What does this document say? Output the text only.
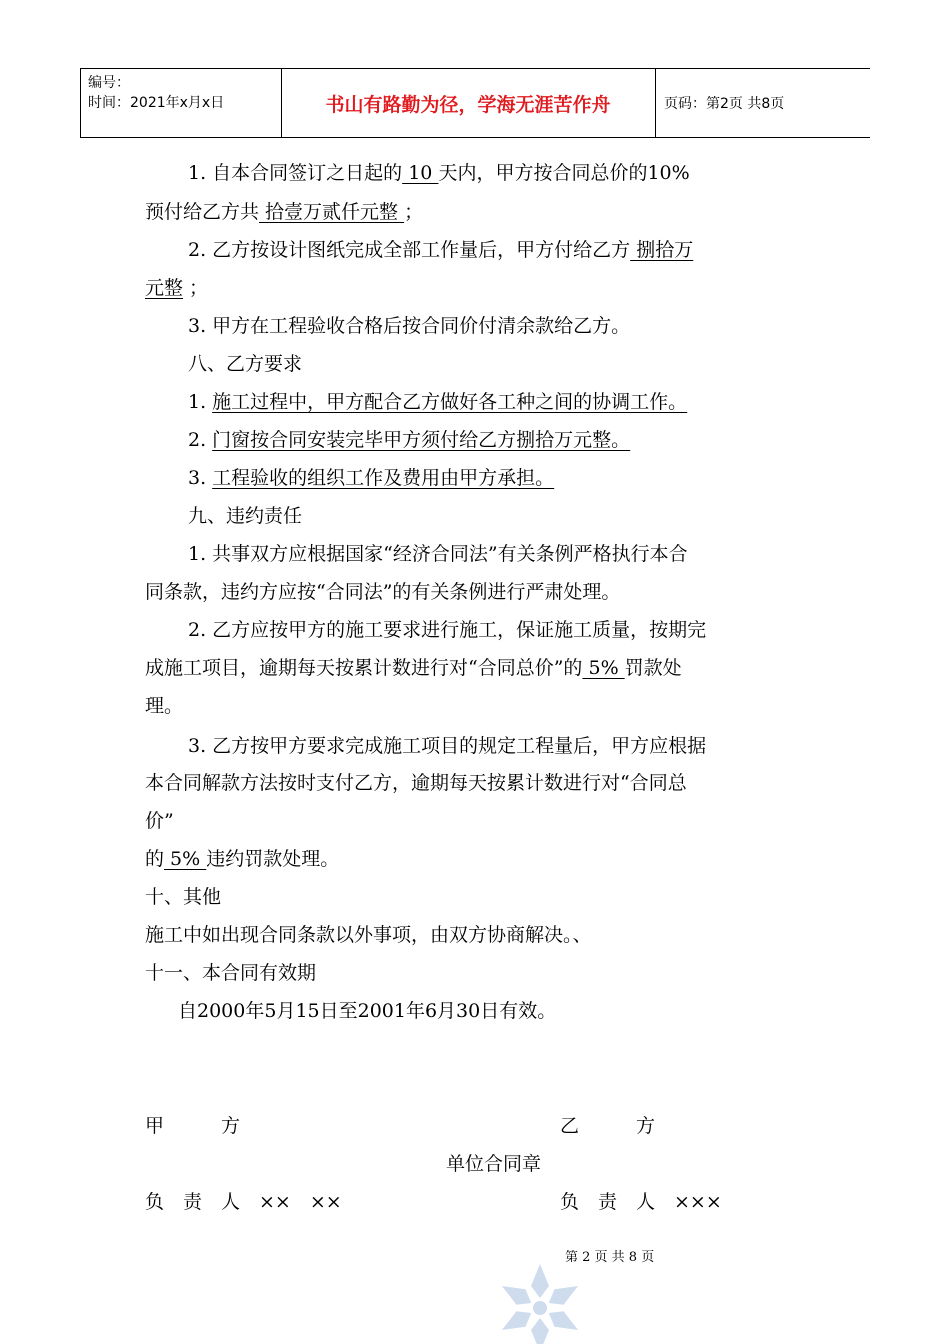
编号：
时间：2021年x月x日	书山有路勤为径，学海无涯苦作舟	页码：第2页 共8页
1. 自本合同签订之日起的 10 天内，甲方按合同总价的10%
预付给乙方共 拾壹万贰仟元整 ；
2. 乙方按设计图纸完成全部工作量后，甲方付给乙方 捌拾万
元整 ；
3. 甲方在工程验收合格后按合同价付清余款给乙方。
八、乙方要求
1. 施工过程中，甲方配合乙方做好各工种之间的协调工作。
2. 门窗按合同安装完毕甲方须付给乙方捌拾万元整。
3. 工程验收的组织工作及费用由甲方承担。
九、违约责任
1. 共事双方应根据国家“经济合同法”有关条例严格执行本合
同条款，违约方应按“合同法”的有关条例进行严肃处理。
2. 乙方应按甲方的施工要求进行施工，保证施工质量，按期完
成施工项目，逾期每天按累计数进行对“合同总价”的 5% 罚款处
理。
3. 乙方按甲方要求完成施工项目的规定工程量后，甲方应根据
本合同解款方法按时支付乙方，逾期每天按累计数进行对“合同总
价”
的 5% 违约罚款处理。
十、其他
施工中如出现合同条款以外事项，由双方协商解决。、
十一、本合同有效期
自2000年5月15日至2001年6月30日有效。
甲　　　方	乙　　　方
单位合同章
负　责　人　××　××	负　责　人　×××
第 2 页 共 8 页
